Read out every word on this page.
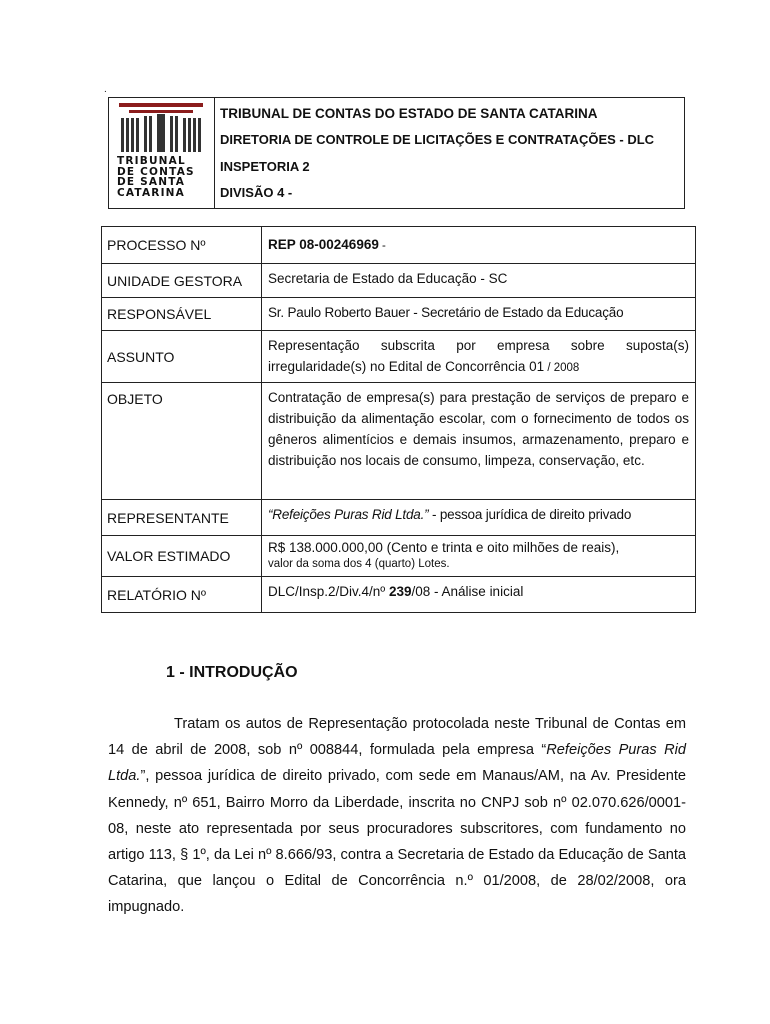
.
TRIBUNAL
DE CONTAS
DE SANTA
CATARINA
TRIBUNAL DE CONTAS DO ESTADO DE SANTA CATARINA
DIRETORIA DE CONTROLE DE LICITAÇÕES E CONTRATAÇÕES - DLC
INSPETORIA 2
DIVISÃO 4 -
PROCESSO Nº	REP 08-00246969 -
UNIDADE GESTORA	Secretaria de Estado da Educação - SC
RESPONSÁVEL	Sr. Paulo Roberto Bauer - Secretário de Estado da Educação
ASSUNTO	Representação subscrita por empresa sobre suposta(s) irregularidade(s) no Edital de Concorrência 01 / 2008
OBJETO	Contratação de empresa(s) para prestação de serviços de preparo e distribuição da alimentação escolar, com o fornecimento de todos os gêneros alimentícios e demais insumos, armazenamento, preparo e distribuição nos locais de consumo, limpeza, conservação, etc.
REPRESENTANTE	“Refeições Puras Rid Ltda.” - pessoa jurídica de direito privado
VALOR ESTIMADO	R$ 138.000.000,00 (Cento e trinta e oito milhões de reais),
valor da soma dos 4 (quarto) Lotes.

RELATÓRIO Nº	DLC/Insp.2/Div.4/nº 239/08 - Análise inicial
1 - INTRODUÇÃO
Tratam os autos de Representação protocolada neste Tribunal de Contas em 14 de abril de 2008, sob nº 008844, formulada pela empresa “Refeições Puras Rid Ltda.”, pessoa jurídica de direito privado, com sede em Manaus/AM, na Av. Presidente Kennedy, nº 651, Bairro Morro da Liberdade, inscrita no CNPJ sob nº 02.070.626/0001-08, neste ato representada por seus procuradores subscritores, com fundamento no artigo 113, § 1º, da Lei nº 8.666/93, contra a Secretaria de Estado da Educação de Santa Catarina, que lançou o Edital de Concorrência n.º 01/2008, de 28/02/2008, ora impugnado.
